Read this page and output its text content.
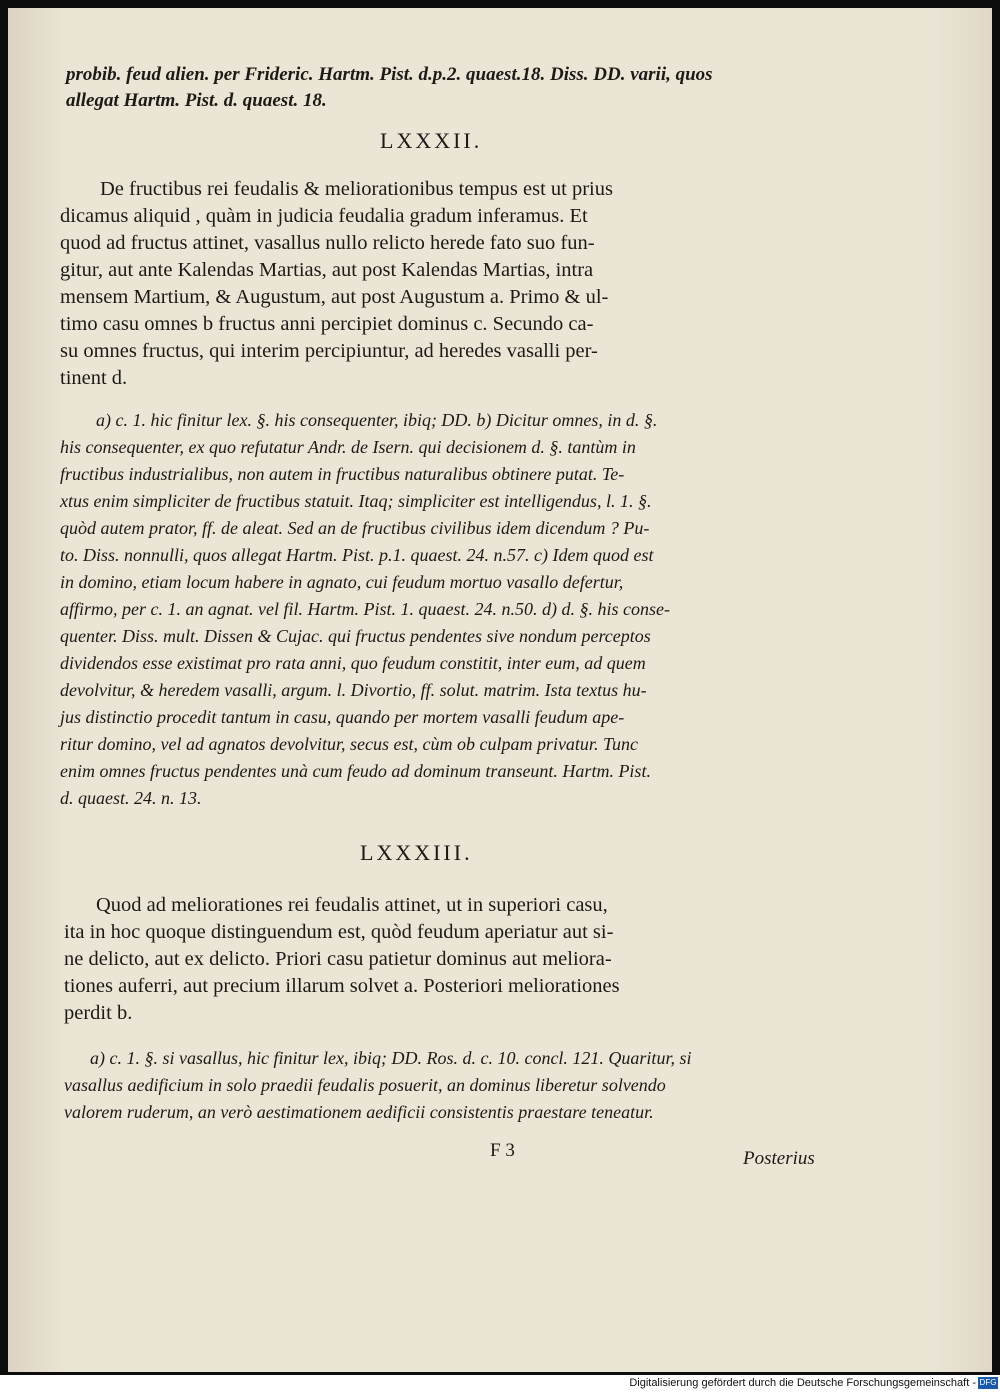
probib. feud alien. per Frideric. Hartm. Pist. d.p.2. quaest.18. Diss. DD. varii, quos
allegat Hartm. Pist. d. quaest. 18.
LXXXII.
De fructibus rei feudalis & meliorationibus tempus est ut prius
dicamus aliquid , quàm in judicia feudalia gradum inferamus. Et
quod ad fructus attinet, vasallus nullo relicto herede fato suo fun-
gitur, aut ante Kalendas Martias, aut post Kalendas Martias, intra
mensem Martium, & Augustum, aut post Augustum a. Primo & ul-
timo casu omnes b fructus anni percipiet dominus c. Secundo ca-
su omnes fructus, qui interim percipiuntur, ad heredes vasalli per-
tinent d.
a) c. 1. hic finitur lex. §. his consequenter, ibiq; DD. b) Dicitur omnes, in d. §.
his consequenter, ex quo refutatur Andr. de Isern. qui decisionem d. §. tantùm in
fructibus industrialibus, non autem in fructibus naturalibus obtinere putat. Te-
xtus enim simpliciter de fructibus statuit. Itaq; simpliciter est intelligendus, l. 1. §.
quòd autem prator, ff. de aleat. Sed an de fructibus civilibus idem dicendum ? Pu-
to. Diss. nonnulli, quos allegat Hartm. Pist. p.1. quaest. 24. n.57. c) Idem quod est
in domino, etiam locum habere in agnato, cui feudum mortuo vasallo defertur,
affirmo, per c. 1. an agnat. vel fil. Hartm. Pist. 1. quaest. 24. n.50. d) d. §. his conse-
quenter. Diss. mult. Dissen & Cujac. qui fructus pendentes sive nondum perceptos
dividendos esse existimat pro rata anni, quo feudum constitit, inter eum, ad quem
devolvitur, & heredem vasalli, argum. l. Divortio, ff. solut. matrim. Ista textus hu-
jus distinctio procedit tantum in casu, quando per mortem vasalli feudum ape-
ritur domino, vel ad agnatos devolvitur, secus est, cùm ob culpam privatur. Tunc
enim omnes fructus pendentes unà cum feudo ad dominum transeunt. Hartm. Pist.
d. quaest. 24. n. 13.
LXXXIII.
Quod ad meliorationes rei feudalis attinet, ut in superiori casu,
ita in hoc quoque distinguendum est, quòd feudum aperiatur aut si-
ne delicto, aut ex delicto. Priori casu patietur dominus aut meliora-
tiones auferri, aut precium illarum solvet a. Posteriori meliorationes
perdit b.
a) c. 1. §. si vasallus, hic finitur lex, ibiq; DD. Ros. d. c. 10. concl. 121. Quaritur, si
vasallus aedificium in solo praedii feudalis posuerit, an dominus liberetur solvendo
valorem ruderum, an verò aestimationem aedificii consistentis praestare teneatur.
F 3	Posterius
Digitalisierung gefördert durch die Deutsche Forschungsgemeinschaft - DFG
